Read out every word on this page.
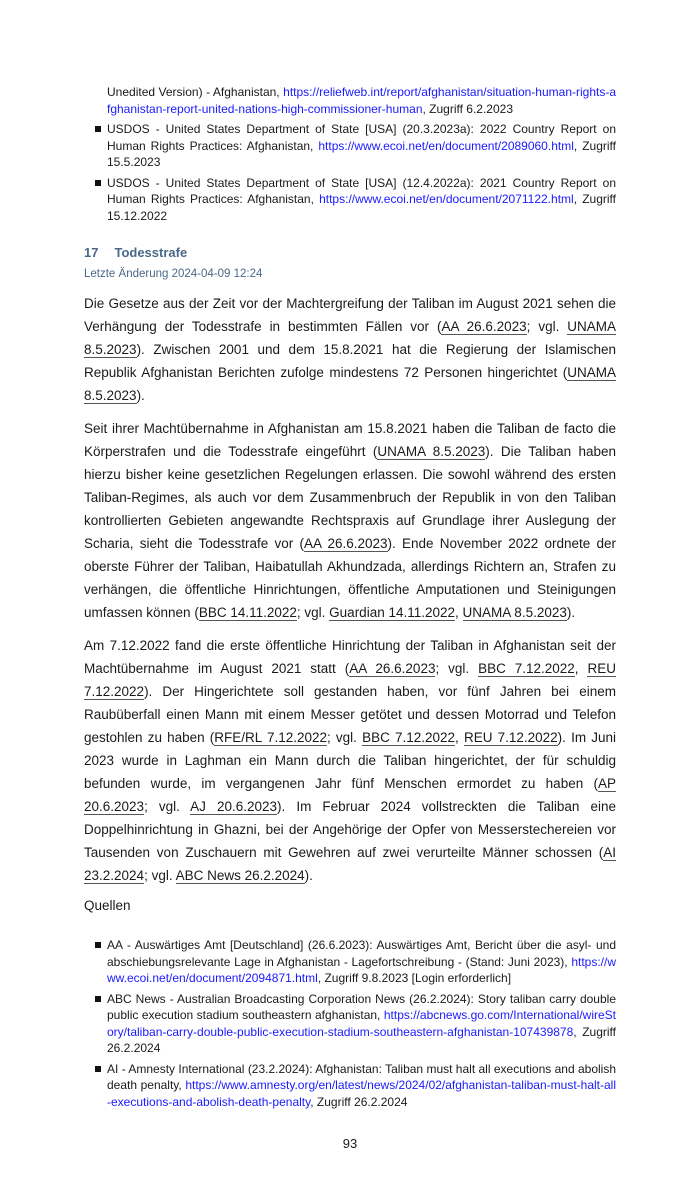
Unedited Version) - Afghanistan, https://reliefweb.int/report/afghanistan/situation-human-rights-afghanistan-report-united-nations-high-commissioner-human, Zugriff 6.2.2023
USDOS - United States Department of State [USA] (20.3.2023a): 2022 Country Report on Human Rights Practices: Afghanistan, https://www.ecoi.net/en/document/2089060.html, Zugriff 15.5.2023
USDOS - United States Department of State [USA] (12.4.2022a): 2021 Country Report on Human Rights Practices: Afghanistan, https://www.ecoi.net/en/document/2071122.html, Zugriff 15.12.2022
17 Todesstrafe
Letzte Änderung 2024-04-09 12:24

Die Gesetze aus der Zeit vor der Machtergreifung der Taliban im August 2021 sehen die Verhängung der Todesstrafe in bestimmten Fällen vor (AA 26.6.2023; vgl. UNAMA 8.5.2023). Zwischen 2001 und dem 15.8.2021 hat die Regierung der Islamischen Republik Afghanistan Berichten zufolge mindestens 72 Personen hingerichtet (UNAMA 8.5.2023).

Seit ihrer Machtübernahme in Afghanistan am 15.8.2021 haben die Taliban de facto die Körperstrafen und die Todesstrafe eingeführt (UNAMA 8.5.2023). Die Taliban haben hierzu bisher keine gesetzlichen Regelungen erlassen. Die sowohl während des ersten Taliban-Regimes, als auch vor dem Zusammenbruch der Republik in von den Taliban kontrollierten Gebieten angewandte Rechtspraxis auf Grundlage ihrer Auslegung der Scharia, sieht die Todesstrafe vor (AA 26.6.2023). Ende November 2022 ordnete der oberste Führer der Taliban, Haibatullah Akhundzada, allerdings Richtern an, Strafen zu verhängen, die öffentliche Hinrichtungen, öffentliche Amputationen und Steinigungen umfassen können (BBC 14.11.2022; vgl. Guardian 14.11.2022, UNAMA 8.5.2023).

Am 7.12.2022 fand die erste öffentliche Hinrichtung der Taliban in Afghanistan seit der Machtübernahme im August 2021 statt (AA 26.6.2023; vgl. BBC 7.12.2022, REU 7.12.2022). Der Hingerichtete soll gestanden haben, vor fünf Jahren bei einem Raubüberfall einen Mann mit einem Messer getötet und dessen Motorrad und Telefon gestohlen zu haben (RFE/RL 7.12.2022; vgl. BBC 7.12.2022, REU 7.12.2022). Im Juni 2023 wurde in Laghman ein Mann durch die Taliban hingerichtet, der für schuldig befunden wurde, im vergangenen Jahr fünf Menschen ermordet zu haben (AP 20.6.2023; vgl. AJ 20.6.2023). Im Februar 2024 vollstreckten die Taliban eine Doppelhinrichtung in Ghazni, bei der Angehörige der Opfer von Messerstechereien vor Tausenden von Zuschauern mit Gewehren auf zwei verurteilte Männer schossen (AI 23.2.2024; vgl. ABC News 26.2.2024).

Quellen
AA - Auswärtiges Amt [Deutschland] (26.6.2023): Auswärtiges Amt, Bericht über die asyl- und abschiebungsrelevante Lage in Afghanistan - Lagefortschreibung - (Stand: Juni 2023), https://www.ecoi.net/en/document/2094871.html, Zugriff 9.8.2023 [Login erforderlich]
ABC News - Australian Broadcasting Corporation News (26.2.2024): Story taliban carry double public execution stadium southeastern afghanistan, https://abcnews.go.com/International/wireStory/taliban-carry-double-public-execution-stadium-southeastern-afghanistan-107439878, Zugriff 26.2.2024
AI - Amnesty International (23.2.2024): Afghanistan: Taliban must halt all executions and abolish death penalty, https://www.amnesty.org/en/latest/news/2024/02/afghanistan-taliban-must-halt-all-executions-and-abolish-death-penalty, Zugriff 26.2.2024
93
